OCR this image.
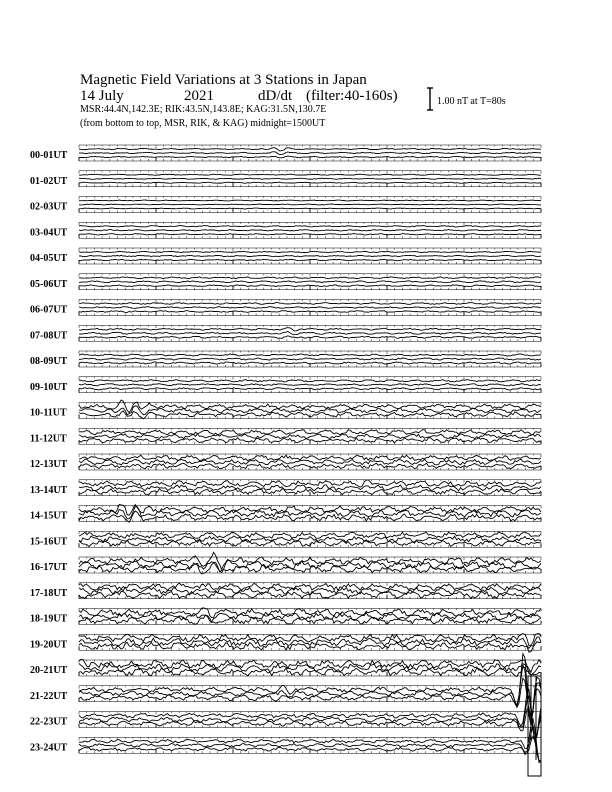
Magnetic Field Variations at 3 Stations in Japan
14 July	2021	dD/dt (filter:40-160s)
MSR:44.4N,142.3E; RIK:43.5N,143.8E; KAG:31.5N,130.7E
(from bottom to top, MSR, RIK, & KAG) midnight=1500UT
1.00 nT at T=80s
00-01UT
01-02UT
02-03UT
03-04UT
04-05UT
05-06UT
06-07UT
07-08UT
08-09UT
09-10UT
10-11UT
11-12UT
12-13UT
13-14UT
14-15UT
15-16UT
16-17UT
17-18UT
18-19UT
19-20UT
20-21UT
21-22UT
22-23UT
23-24UT
